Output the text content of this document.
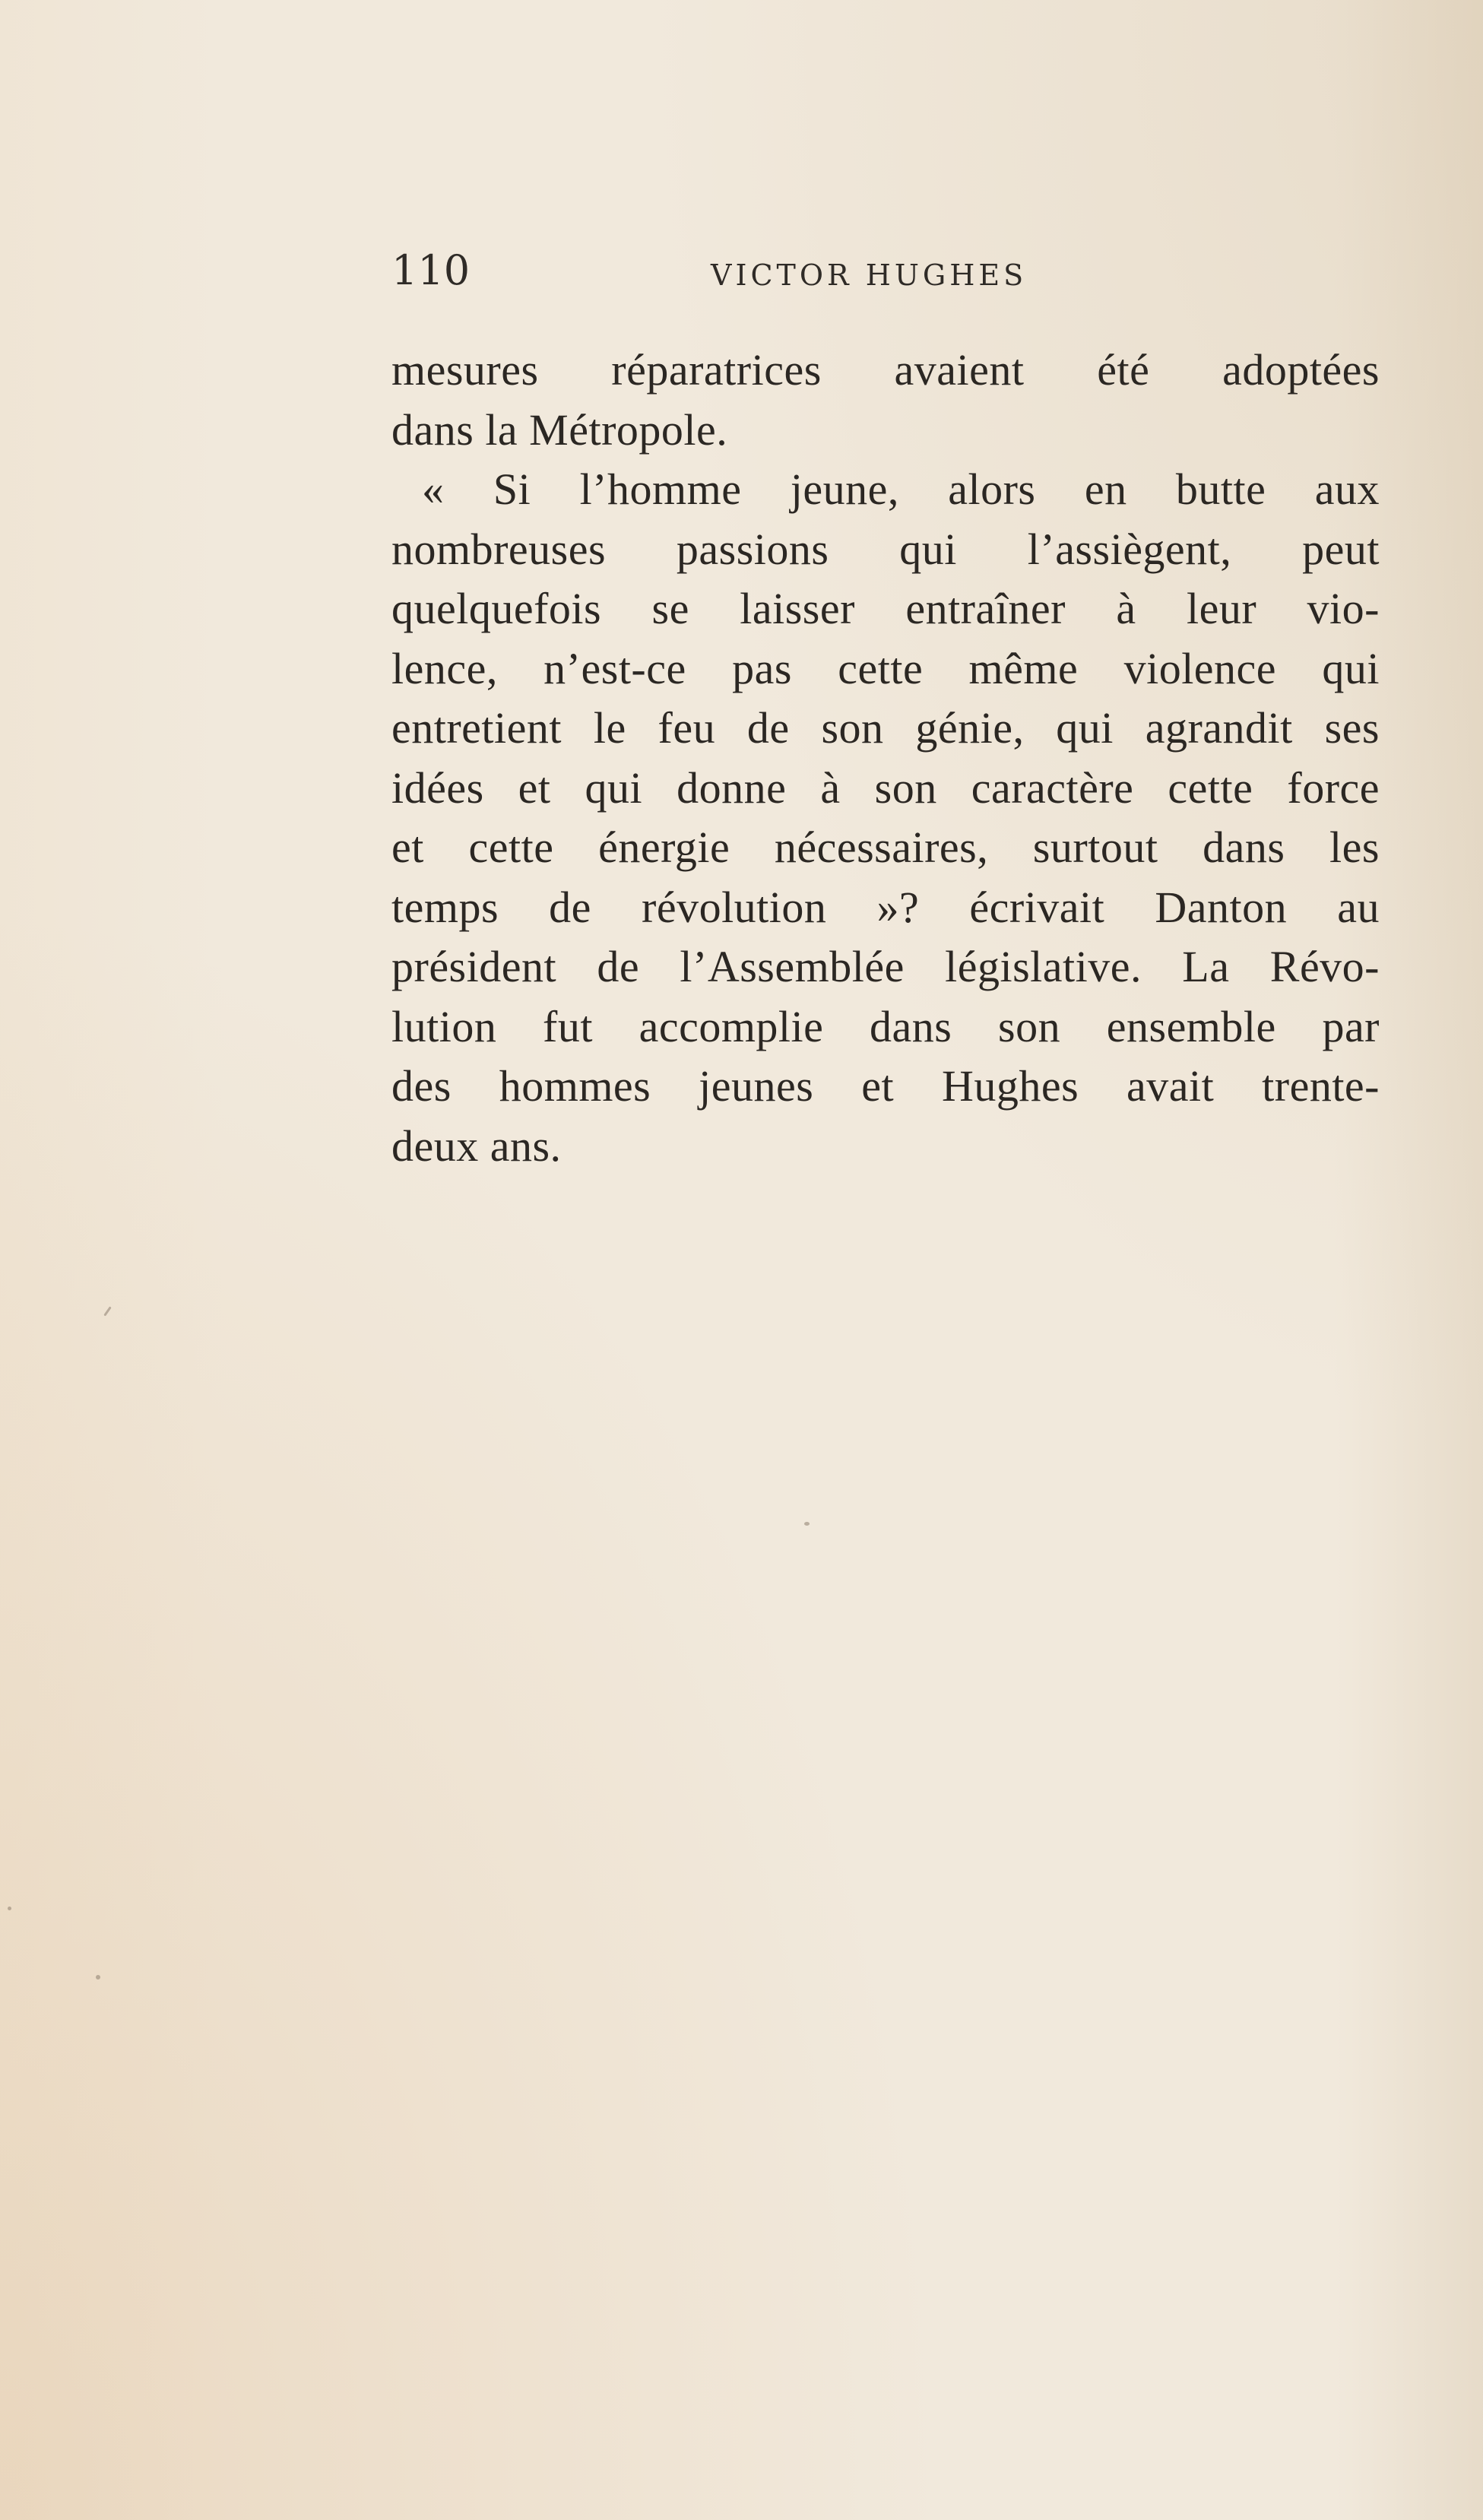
110	VICTOR HUGHES
mesures réparatrices avaient été adoptées
dans la Métropole.
« Si l’homme jeune, alors en butte aux
nombreuses passions qui l’assiègent, peut
quelquefois se laisser entraîner à leur vio-
lence, n’est-ce pas cette même violence qui
entretient le feu de son génie, qui agrandit ses
idées et qui donne à son caractère cette force
et cette énergie nécessaires, surtout dans les
temps de révolution »? écrivait Danton au
président de l’Assemblée législative. La Révo-
lution fut accomplie dans son ensemble par
des hommes jeunes et Hughes avait trente-
deux ans.
